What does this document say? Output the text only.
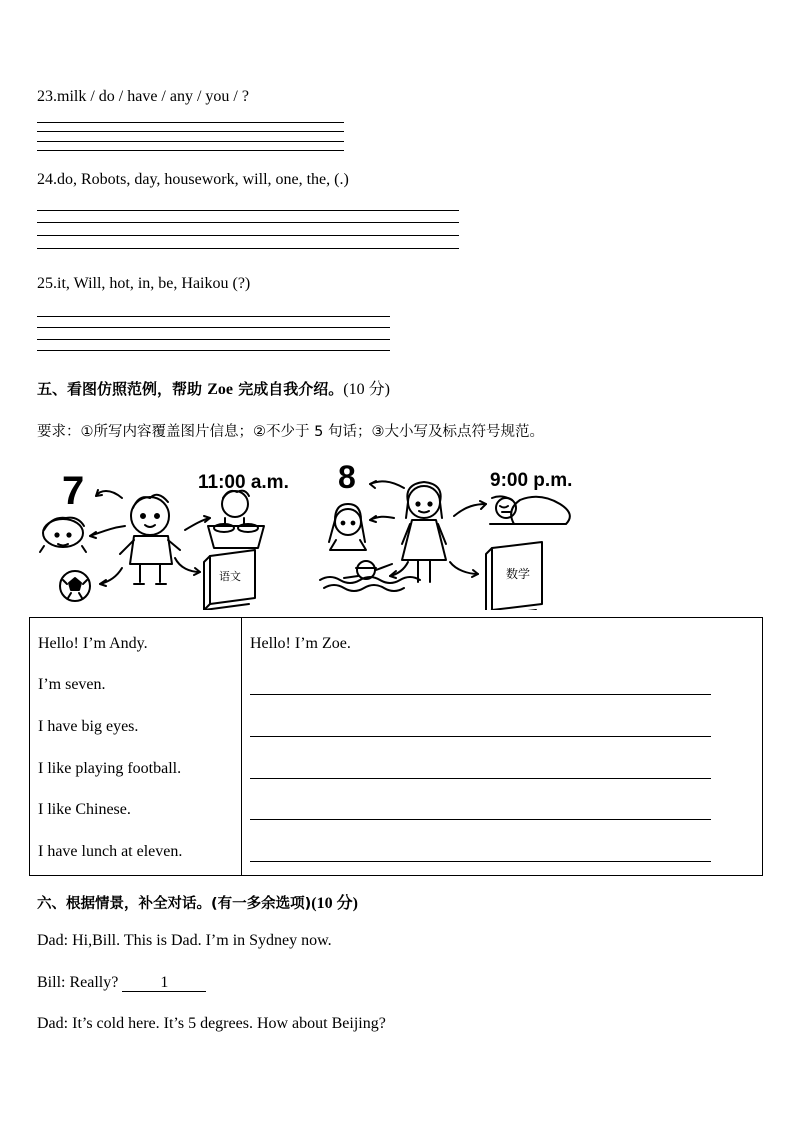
23.milk / do / have / any / you / ?
24.do, Robots, day, housework, will, one, the, (.)
25.it, Will, hot, in, be, Haikou (?)
五、看图仿照范例，帮助 Zoe 完成自我介绍。(10 分)
要求：①所写内容覆盖图片信息；②不少于 5 句话；③大小写及标点符号规范。
7	11:00 a.m.
语文
8	9:00 p.m.
数学
Hello! I’m Andy.
I’m seven.
I have big eyes.
I like playing football.
I like Chinese.
I have lunch at eleven.
Hello! I’m Zoe.
六、根据情景，补全对话。(有一多余选项)(10 分)
Dad: Hi,Bill. This is Dad. I’m in Sydney now.
Bill: Really? 1
Dad: It’s cold here. It’s 5 degrees. How about Beijing?
